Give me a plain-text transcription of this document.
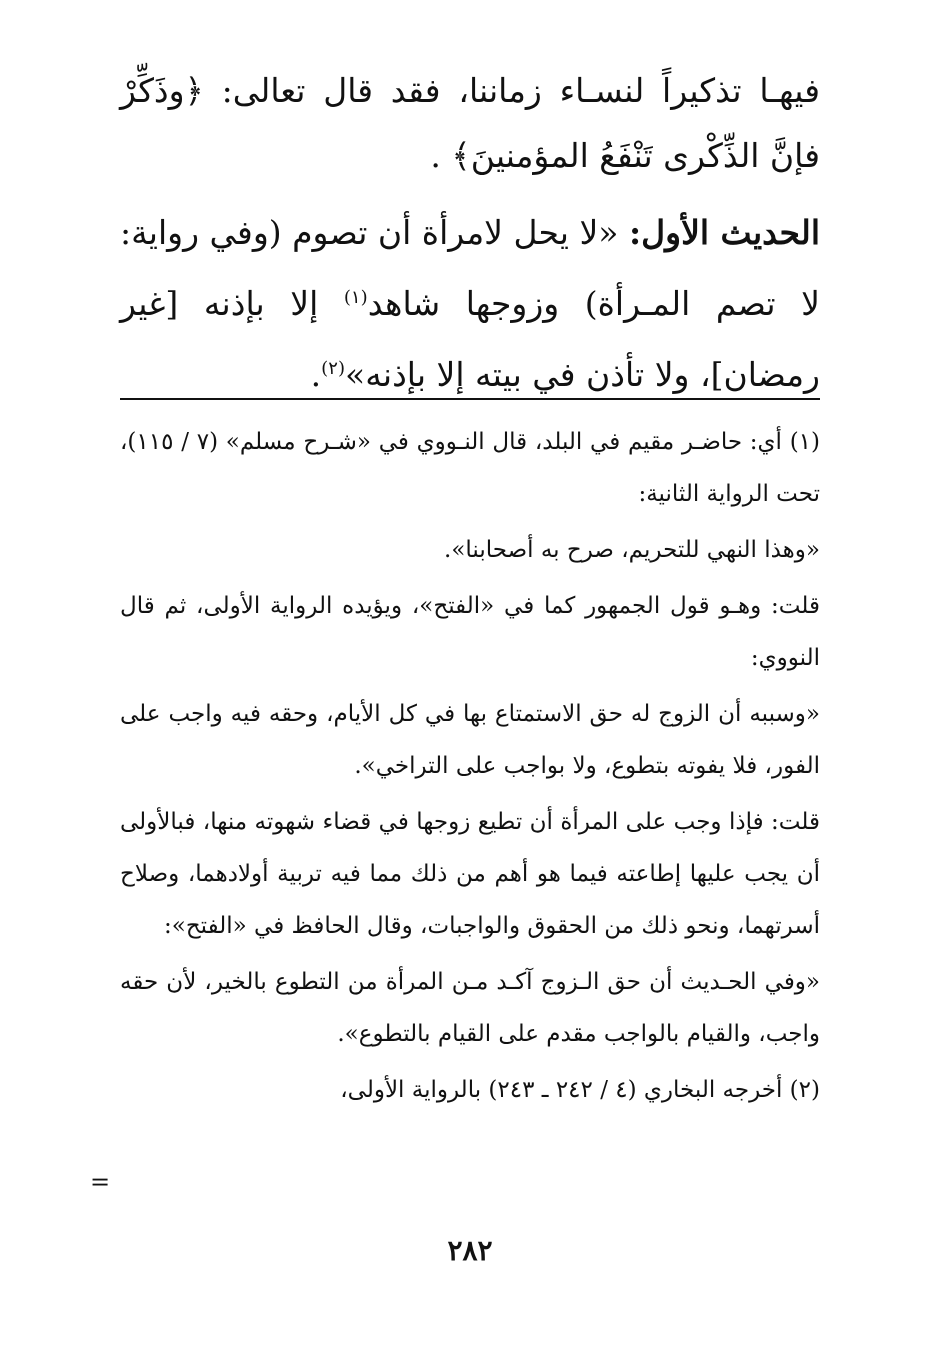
فيهـا تذكيراً لنسـاء زماننا، فقد قال تعالى: ﴿وذَكِّرْ فإنَّ الذِّكْرى تَنْفَعُ المؤمنينَ﴾ .

الحديث الأول: «لا يحل لامرأة أن تصوم (وفي رواية: لا تصم المـرأة) وزوجها شاهد$^{(١)}$ إلا بإذنه [غير رمضان]، ولا تأذن في بيته إلا بإذنه»$^{(٢)}$.

(١) أي: حاضـر مقيم في البلد، قال النـووي في «شـرح مسلم» (٧ / ١١٥)، تحت الرواية الثانية:

«وهذا النهي للتحريم، صرح به أصحابنا».

قلت: وهـو قول الجمهور كما في «الفتح»، ويؤيده الرواية الأولى، ثم قال النووي:

«وسببه أن الزوج له حق الاستمتاع بها في كل الأيام، وحقه فيه واجب على الفور، فلا يفوته بتطوع، ولا بواجب على التراخي».

قلت: فإذا وجب على المرأة أن تطيع زوجها في قضاء شهوته منها، فبالأولى أن يجب عليها إطاعته فيما هو أهم من ذلك مما فيه تربية أولادهما، وصلاح أسرتهما، ونحو ذلك من الحقوق والواجبات، وقال الحافظ في «الفتح»:

«وفي الحـديث أن حق الـزوج آكـد مـن المرأة من التطوع بالخير، لأن حقه واجب، والقيام بالواجب مقدم على القيام بالتطوع».

(٢) أخرجه البخاري (٤ / ٢٤٢ ـ ٢٤٣) بالرواية الأولى،

=
٢٨٢
